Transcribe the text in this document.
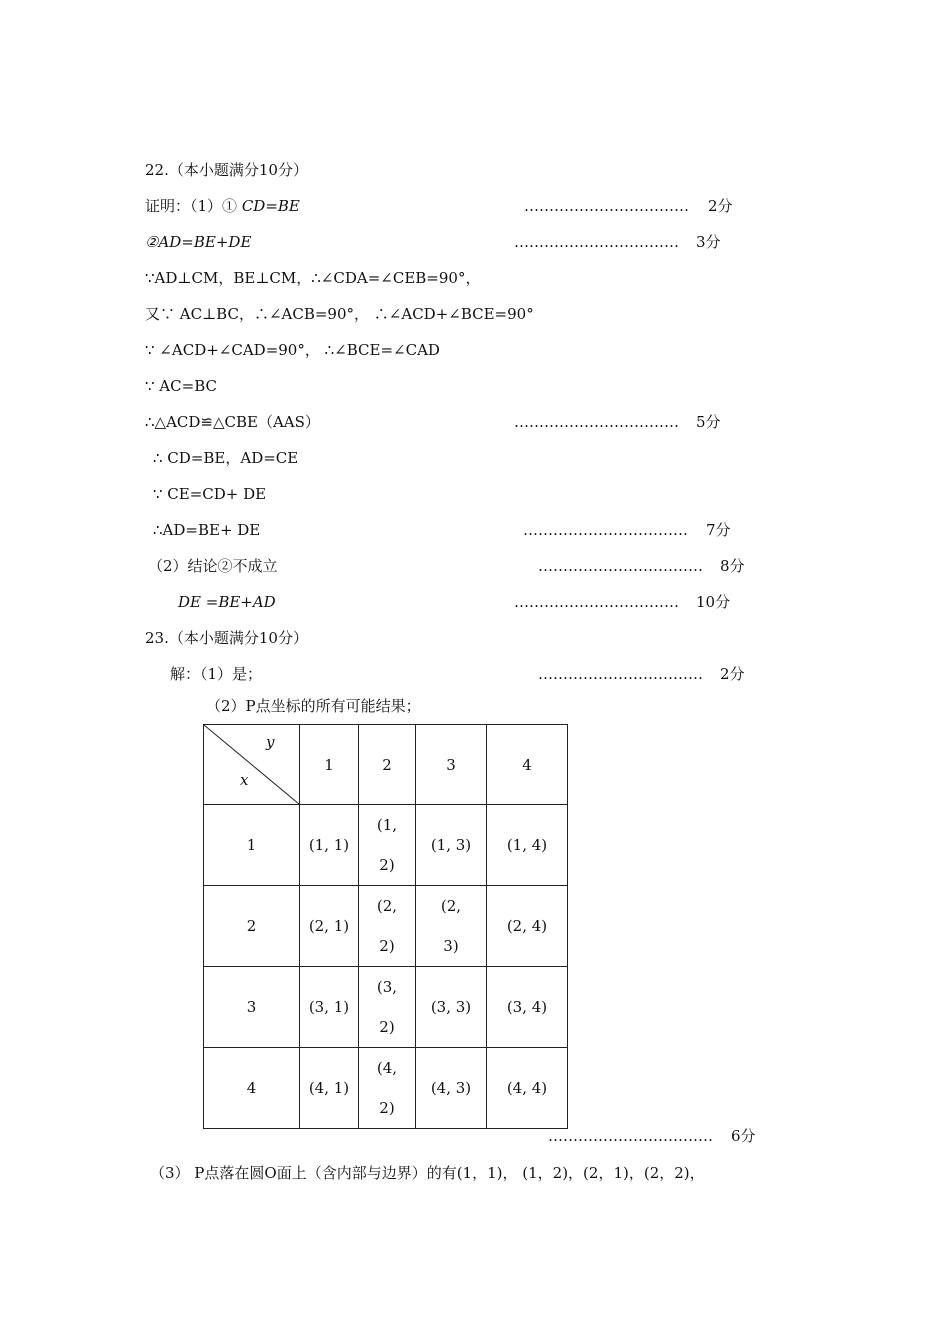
22.（本小题满分10分）
证明：（1）① CD=BE	…………………………… 2分
②AD=BE+DE	…………………………… 3分
∵AD⊥CM，BE⊥CM，∴∠CDA=∠CEB=90°，
又∵ AC⊥BC，∴∠ACB=90°， ∴∠ACD+∠BCE=90°
∵ ∠ACD+∠CAD=90°， ∴∠BCE=∠CAD
∵ AC=BC
∴△ACD≌△CBE（AAS）	…………………………… 5分
∴ CD=BE，AD=CE
∵ CE=CD+ DE
∴AD=BE+ DE	…………………………… 7分
（2）结论②不成立	…………………………… 8分
DE =BE+AD	…………………………… 10分
23.（本小题满分10分）
解：（1）是；	…………………………… 2分
（2）P点坐标的所有可能结果；
y
x	1	2	3	4
1	(1, 1)	(1, 2)	(1, 3)	(1, 4)
2	(2, 1)	(2, 2)	(2, 3)	(2, 4)
3	(3, 1)	(3, 2)	(3, 3)	(3, 4)
4	(4, 1)	(4, 2)	(4, 3)	(4, 4)
…………………………… 6分
（3） P点落在圆O面上（含内部与边界）的有(1，1)， (1，2)，(2，1)，(2，2)，
